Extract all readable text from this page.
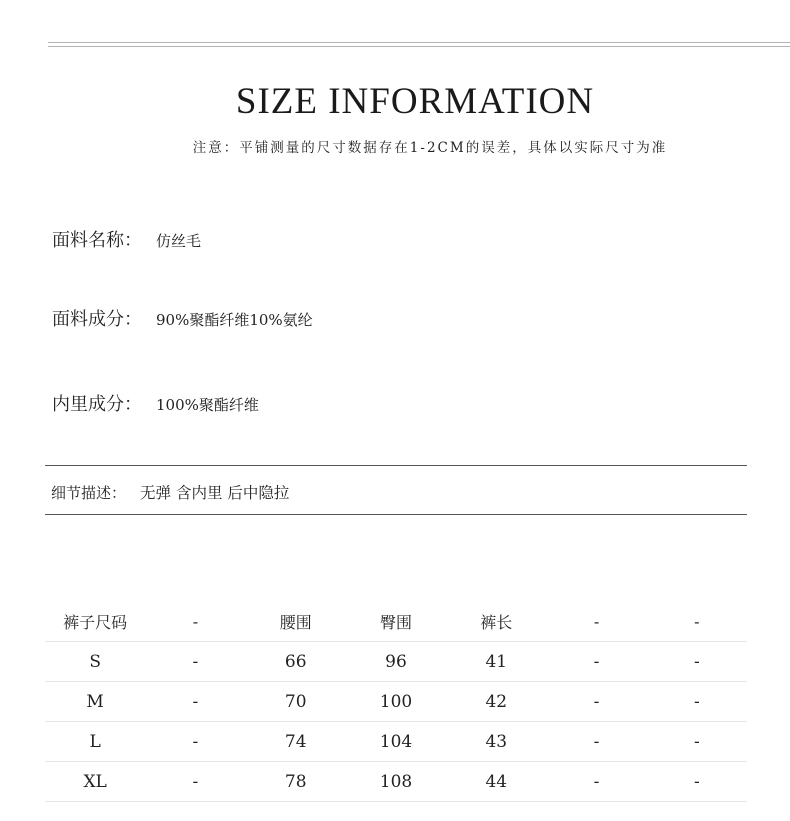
SIZE INFORMATION
注意：平铺测量的尺寸数据存在1-2CM的误差，具体以实际尺寸为准
面料名称： 仿丝毛
面料成分： 90%聚酯纤维10%氨纶
内里成分： 100%聚酯纤维
细节描述： 无弹 含内里 后中隐拉
裤子尺码	-	腰围	臀围	裤长	-	-
S	-	66	96	41	-	-
M	-	70	100	42	-	-
L	-	74	104	43	-	-
XL	-	78	108	44	-	-
